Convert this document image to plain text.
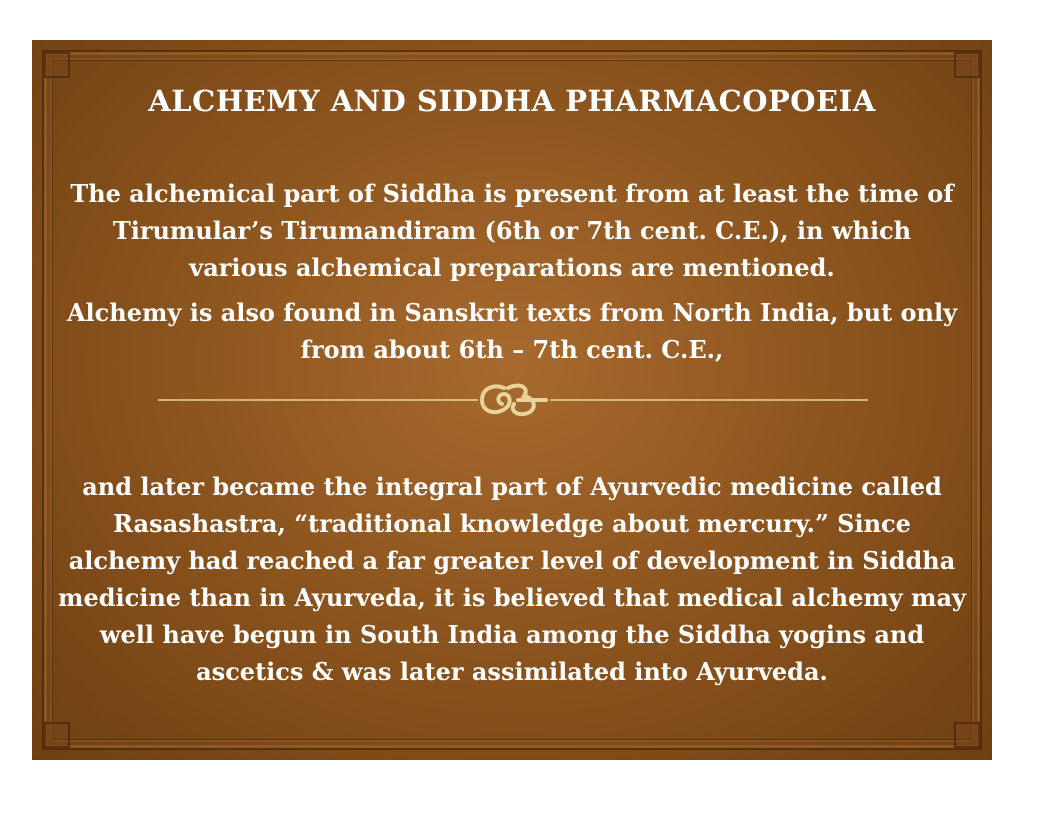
ALCHEMY AND SIDDHA PHARMACOPOEIA

The alchemical part of Siddha is present from at least the time of Tirumular’s Tirumandiram (6th or 7th cent. C.E.), in which various alchemical preparations are mentioned.

Alchemy is also found in Sanskrit texts from North India, but only from about 6th – 7th cent. C.E.,

and later became the integral part of Ayurvedic medicine called Rasashastra, “traditional knowledge about mercury.” Since alchemy had reached a far greater level of development in Siddha medicine than in Ayurveda, it is believed that medical alchemy may well have begun in South India among the Siddha yogins and ascetics & was later assimilated into Ayurveda.
